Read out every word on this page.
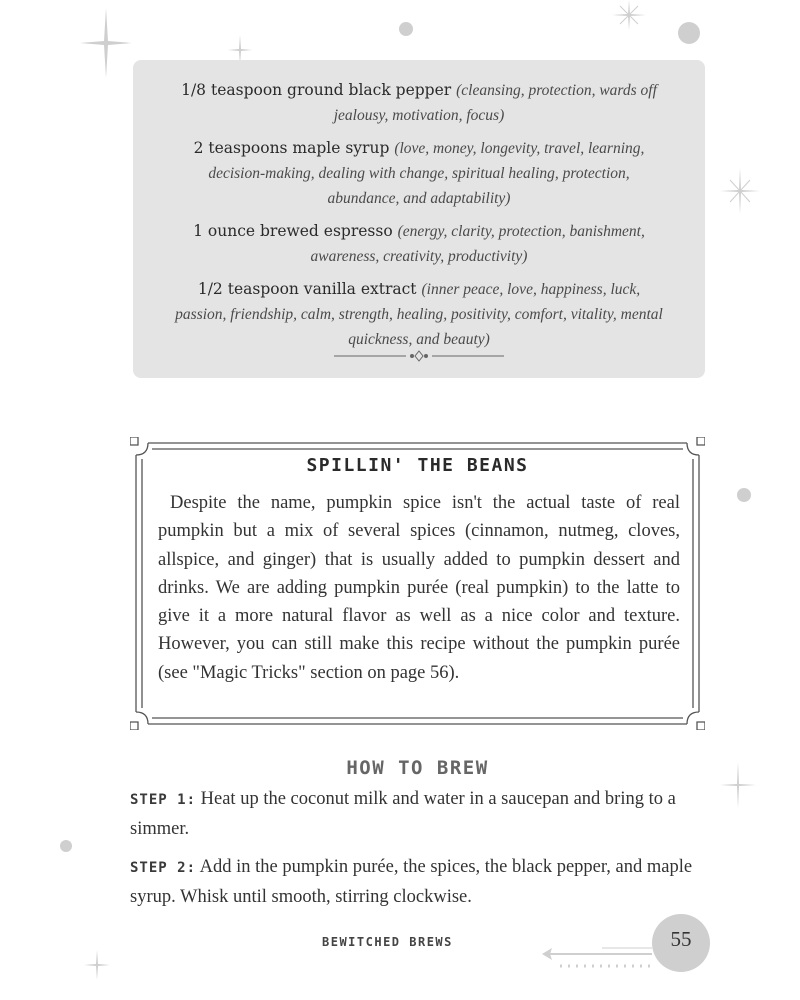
1/8 teaspoon ground black pepper (cleansing, protection, wards off jealousy, motivation, focus)
2 teaspoons maple syrup (love, money, longevity, travel, learning, decision-making, dealing with change, spiritual healing, protection, abundance, and adaptability)
1 ounce brewed espresso (energy, clarity, protection, banishment, awareness, creativity, productivity)
1/2 teaspoon vanilla extract (inner peace, love, happiness, luck, passion, friendship, calm, strength, healing, positivity, comfort, vitality, mental quickness, and beauty)
SPILLIN' THE BEANS
Despite the name, pumpkin spice isn't the actual taste of real pumpkin but a mix of several spices (cinnamon, nutmeg, cloves, allspice, and ginger) that is usually added to pumpkin dessert and drinks. We are adding pumpkin purée (real pumpkin) to the latte to give it a more natural flavor as well as a nice color and texture. However, you can still make this recipe without the pumpkin purée (see "Magic Tricks" section on page 56).
HOW TO BREW
STEP 1: Heat up the coconut milk and water in a saucepan and bring to a simmer.
STEP 2: Add in the pumpkin purée, the spices, the black pepper, and maple syrup. Whisk until smooth, stirring clockwise.
BEWITCHED BREWS	55
